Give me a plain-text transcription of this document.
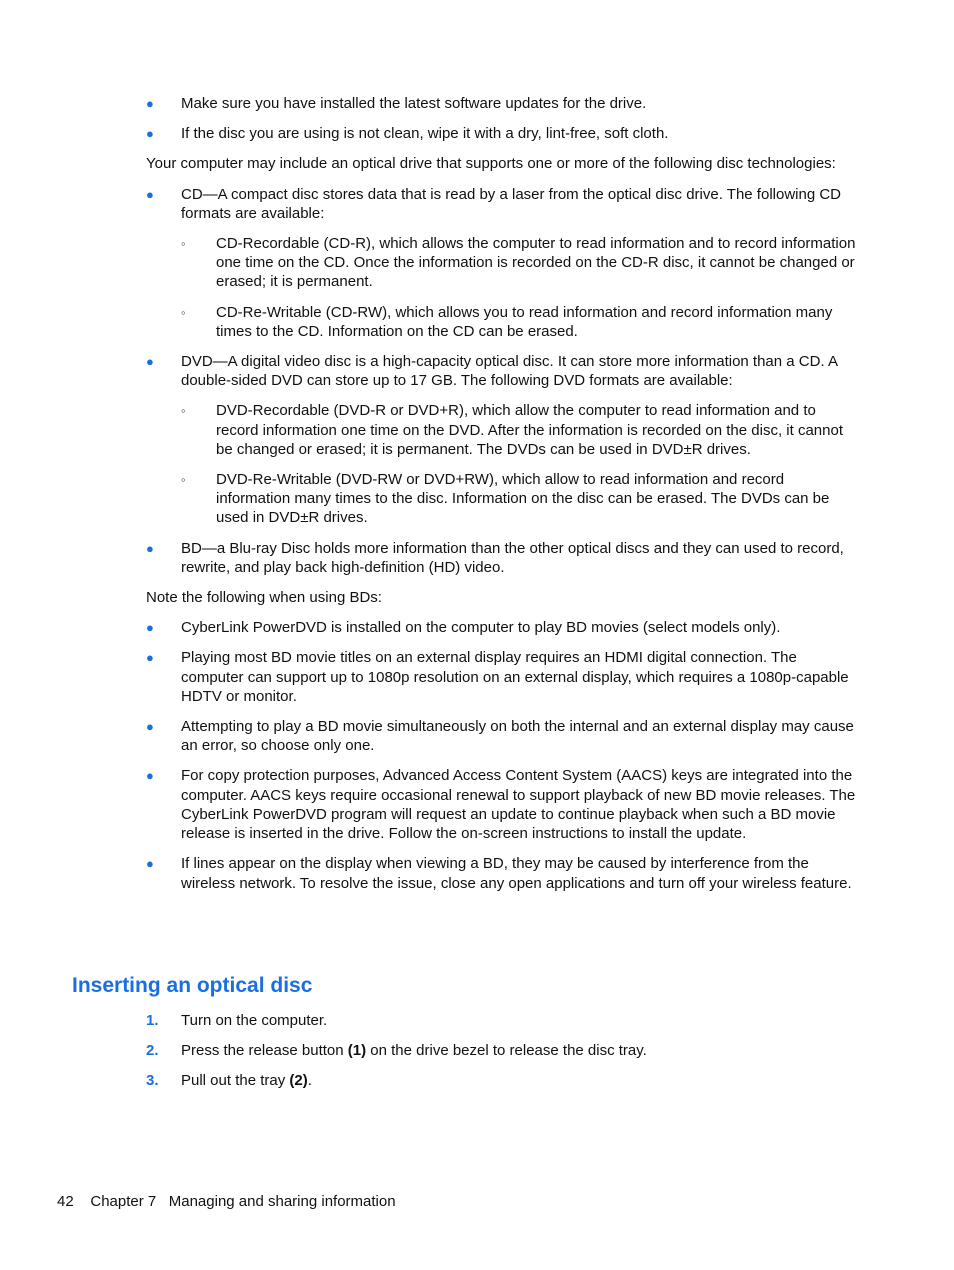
● Make sure you have installed the latest software updates for the drive.
● If the disc you are using is not clean, wipe it with a dry, lint-free, soft cloth.

Your computer may include an optical drive that supports one or more of the following disc technologies:

● CD—A compact disc stores data that is read by a laser from the optical disc drive. The following CD formats are available:
◦ CD-Recordable (CD-R), which allows the computer to read information and to record information one time on the CD. Once the information is recorded on the CD-R disc, it cannot be changed or erased; it is permanent.
◦ CD-Re-Writable (CD-RW), which allows you to read information and record information many times to the CD. Information on the CD can be erased.
● DVD—A digital video disc is a high-capacity optical disc. It can store more information than a CD. A double-sided DVD can store up to 17 GB. The following DVD formats are available:
◦ DVD-Recordable (DVD-R or DVD+R), which allow the computer to read information and to record information one time on the DVD. After the information is recorded on the disc, it cannot be changed or erased; it is permanent. The DVDs can be used in DVD±R drives.
◦ DVD-Re-Writable (DVD-RW or DVD+RW), which allow to read information and record information many times to the disc. Information on the disc can be erased. The DVDs can be used in DVD±R drives.
● BD—a Blu-ray Disc holds more information than the other optical discs and they can used to record, rewrite, and play back high-definition (HD) video.

Note the following when using BDs:

● CyberLink PowerDVD is installed on the computer to play BD movies (select models only).
● Playing most BD movie titles on an external display requires an HDMI digital connection. The computer can support up to 1080p resolution on an external display, which requires a 1080p-capable HDTV or monitor.
● Attempting to play a BD movie simultaneously on both the internal and an external display may cause an error, so choose only one.
● For copy protection purposes, Advanced Access Content System (AACS) keys are integrated into the computer. AACS keys require occasional renewal to support playback of new BD movie releases. The CyberLink PowerDVD program will request an update to continue playback when such a BD movie release is inserted in the drive. Follow the on-screen instructions to install the update.
● If lines appear on the display when viewing a BD, they may be caused by interference from the wireless network. To resolve the issue, close any open applications and turn off your wireless feature.
Inserting an optical disc
1. Turn on the computer.
2. Press the release button (1) on the drive bezel to release the disc tray.
3. Pull out the tray (2).
42 Chapter 7 Managing and sharing information
